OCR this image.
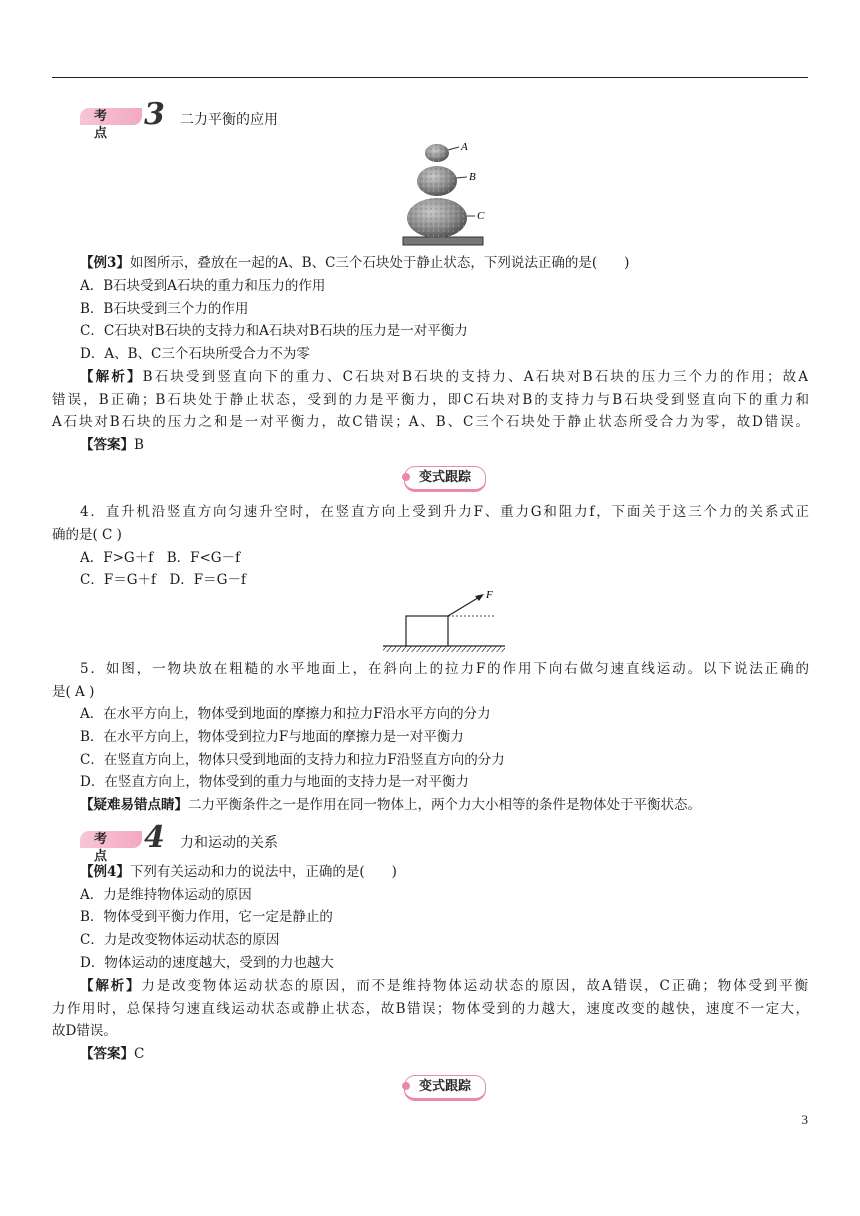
考点
3 二力平衡的应用
A
B
C
【例3】如图所示，叠放在一起的A、B、C三个石块处于静止状态，下列说法正确的是(　　)
A．B石块受到A石块的重力和压力的作用
B．B石块受到三个力的作用
C．C石块对B石块的支持力和A石块对B石块的压力是一对平衡力
D．A、B、C三个石块所受合力不为零
【解析】B石块受到竖直向下的重力、C石块对B石块的支持力、A石块对B石块的压力三个力的作用；故A
错误，B正确；B石块处于静止状态，受到的力是平衡力，即C石块对B的支持力与B石块受到竖直向下的重力和
A石块对B石块的压力之和是一对平衡力，故C错误；A、B、C三个石块处于静止状态所受合力为零，故D错误。
【答案】B
变式跟踪
4．直升机沿竖直方向匀速升空时，在竖直方向上受到升力F、重力G和阻力f，下面关于这三个力的关系式正
确的是( C )
A．F>G＋f　B．F<G－f
C．F＝G＋f　D．F＝G－f
F
5．如图，一物块放在粗糙的水平地面上，在斜向上的拉力F的作用下向右做匀速直线运动。以下说法正确的
是( A )
A．在水平方向上，物体受到地面的摩擦力和拉力F沿水平方向的分力
B．在水平方向上，物体受到拉力F与地面的摩擦力是一对平衡力
C．在竖直方向上，物体只受到地面的支持力和拉力F沿竖直方向的分力
D．在竖直方向上，物体受到的重力与地面的支持力是一对平衡力
【疑难易错点睛】二力平衡条件之一是作用在同一物体上，两个力大小相等的条件是物体处于平衡状态。
考点
4 力和运动的关系
【例4】下列有关运动和力的说法中，正确的是(　　)
A．力是维持物体运动的原因
B．物体受到平衡力作用，它一定是静止的
C．力是改变物体运动状态的原因
D．物体运动的速度越大，受到的力也越大
【解析】力是改变物体运动状态的原因，而不是维持物体运动状态的原因，故A错误，C正确；物体受到平衡
力作用时，总保持匀速直线运动状态或静止状态，故B错误；物体受到的力越大，速度改变的越快，速度不一定大，
故D错误。
【答案】C
变式跟踪
3
